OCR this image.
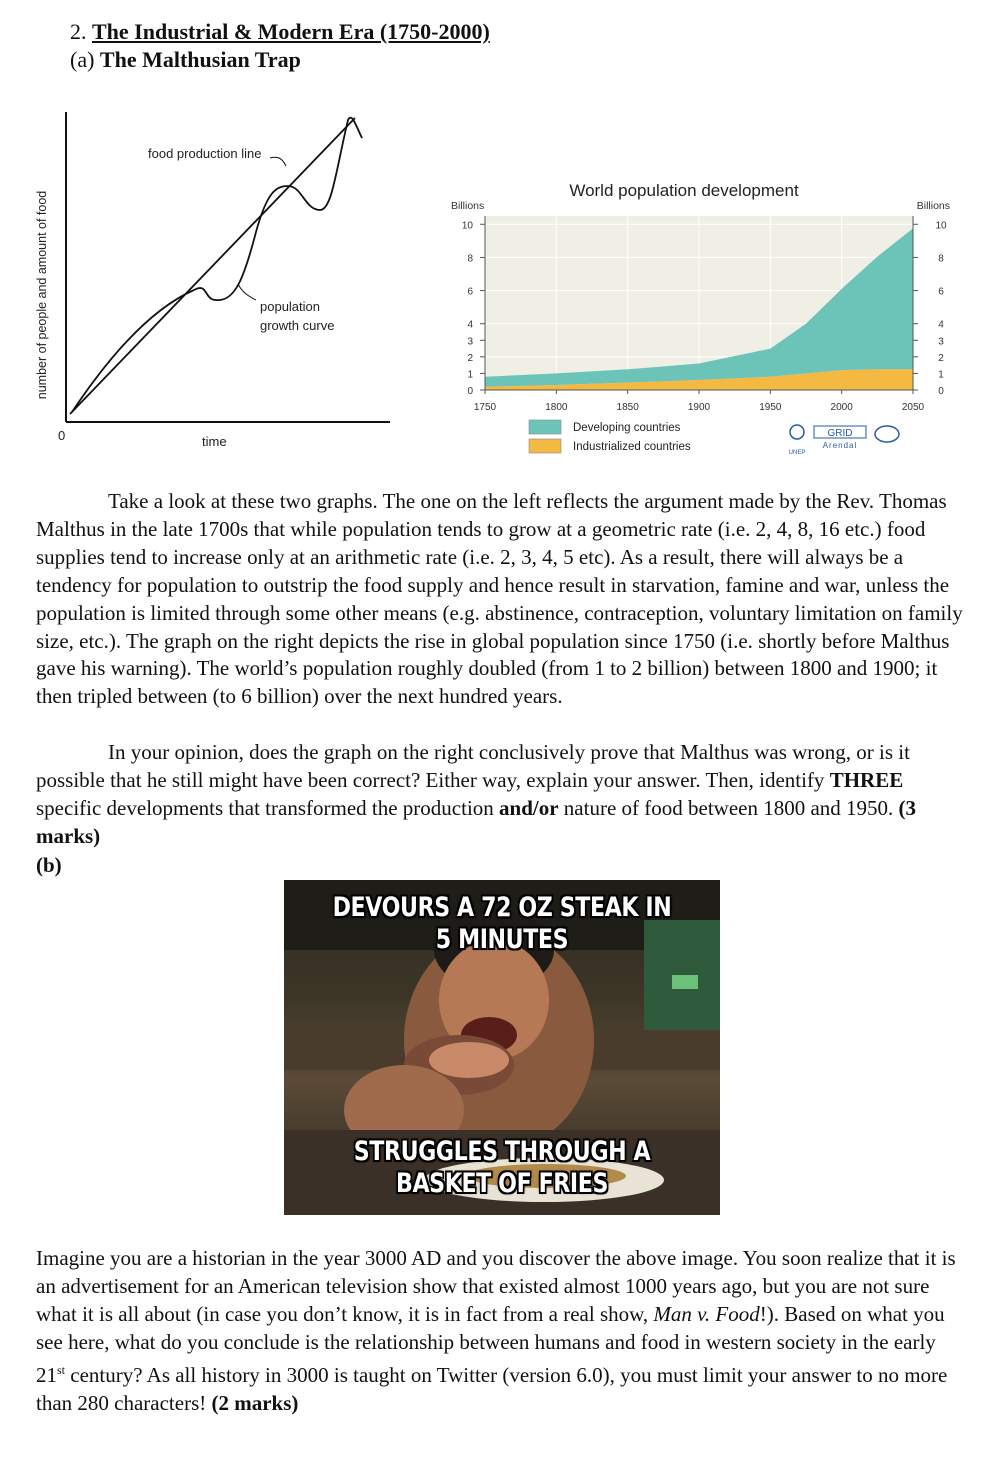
2. The Industrial & Modern Era (1750-2000)
(a) The Malthusian Trap
number of people and amount of food
0	time
food production line
population
growth curve
World population development
Billions	Billions
10
8
6
4
3
2
1
0
10
8
6
4
3
2
1
0
1750	1800	1850	1900	1950	2000	2050
Developing countries
Industrialized countries	UNEP
GRID
Arendal

Take a look at these two graphs. The one on the left reflects the argument made by the Rev. Thomas Malthus in the late 1700s that while population tends to grow at a geometric rate (i.e. 2, 4, 8, 16 etc.) food supplies tend to increase only at an arithmetic rate (i.e. 2, 3, 4, 5 etc). As a result, there will always be a tendency for population to outstrip the food supply and hence result in starvation, famine and war, unless the population is limited through some other means (e.g. abstinence, contraception, voluntary limitation on family size, etc.). The graph on the right depicts the rise in global population since 1750 (i.e. shortly before Malthus gave his warning). The world’s population roughly doubled (from 1 to 2 billion) between 1800 and 1900; it then tripled between (to 6 billion) over the next hundred years.

In your opinion, does the graph on the right conclusively prove that Malthus was wrong, or is it possible that he still might have been correct? Either way, explain your answer. Then, identify THREE specific developments that transformed the production and/or nature of food between 1800 and 1950. (3 marks)

(b)
DEVOURS A 72 OZ STEAK IN 5 MINUTES
STRUGGLES THROUGH A BASKET OF FRIES

Imagine you are a historian in the year 3000 AD and you discover the above image. You soon realize that it is an advertisement for an American television show that existed almost 1000 years ago, but you are not sure what it is all about (in case you don’t know, it is in fact from a real show, Man v. Food!). Based on what you see here, what do you conclude is the relationship between humans and food in western society in the early 21st century? As all history in 3000 is taught on Twitter (version 6.0), you must limit your answer to no more than 280 characters! (2 marks)
